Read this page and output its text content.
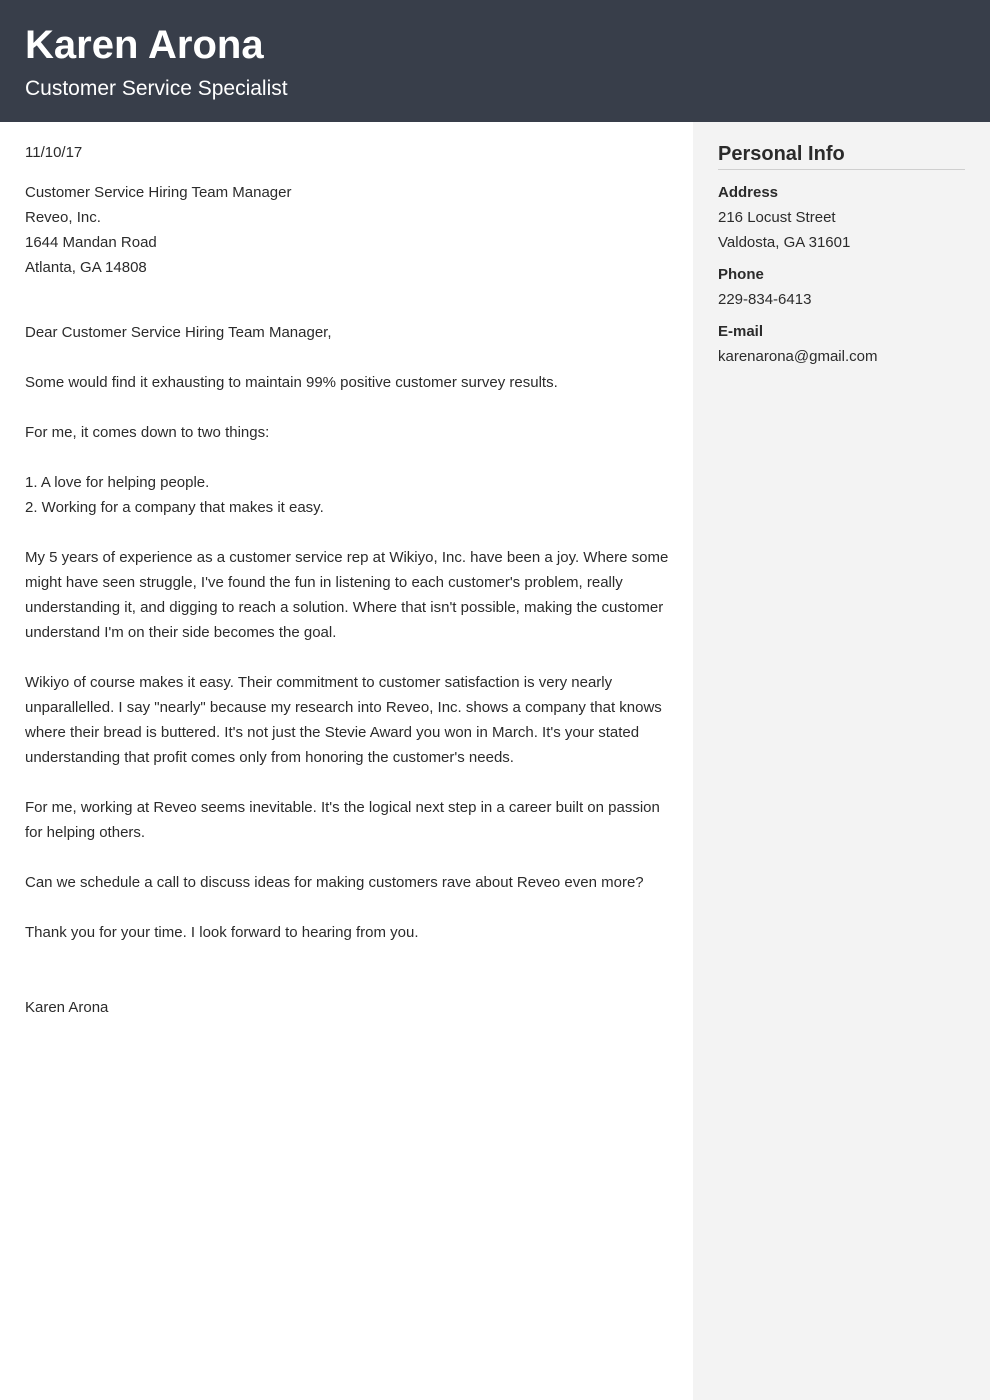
Karen Arona
Customer Service Specialist
11/10/17
Customer Service Hiring Team Manager
Reveo, Inc.
1644 Mandan Road
Atlanta, GA 14808
Dear Customer Service Hiring Team Manager,
Some would find it exhausting to maintain 99% positive customer survey results.
For me, it comes down to two things:
1. A love for helping people.
2. Working for a company that makes it easy.
My 5 years of experience as a customer service rep at Wikiyo, Inc. have been a joy. Where some might have seen struggle, I've found the fun in listening to each customer's problem, really understanding it, and digging to reach a solution. Where that isn't possible, making the customer understand I'm on their side becomes the goal.
Wikiyo of course makes it easy. Their commitment to customer satisfaction is very nearly unparallelled. I say "nearly" because my research into Reveo, Inc. shows a company that knows where their bread is buttered. It's not just the Stevie Award you won in March. It's your stated understanding that profit comes only from honoring the customer's needs.
For me, working at Reveo seems inevitable. It's the logical next step in a career built on passion for helping others.
Can we schedule a call to discuss ideas for making customers rave about Reveo even more?
Thank you for your time. I look forward to hearing from you.
Karen Arona
Personal Info
Address
216 Locust Street
Valdosta, GA 31601
Phone
229-834-6413
E-mail
karenarona@gmail.com
